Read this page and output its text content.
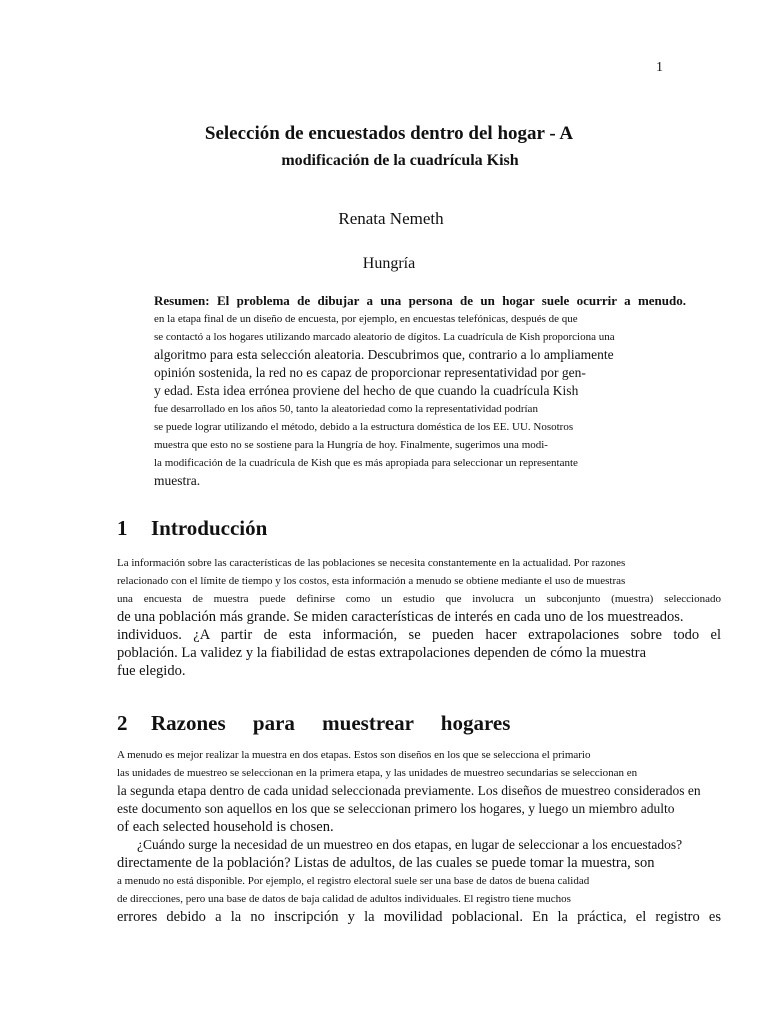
1
Selección de encuestados dentro del hogar - A
modificación de la cuadrícula Kish
Renata Nemeth
Hungría
Resumen: El problema de dibujar a una persona de un hogar suele ocurrir a menudo.
en la etapa final de un diseño de encuesta, por ejemplo, en encuestas telefónicas, después de que
se contactó a los hogares utilizando marcado aleatorio de dígitos. La cuadrícula de Kish proporciona una
algoritmo para esta selección aleatoria. Descubrimos que, contrario a lo ampliamente
opinión sostenida, la red no es capaz de proporcionar representatividad por gen-
y edad. Esta idea errónea proviene del hecho de que cuando la cuadrícula Kish
fue desarrollado en los años 50, tanto la aleatoriedad como la representatividad podrían
se puede lograr utilizando el método, debido a la estructura doméstica de los EE. UU. Nosotros
muestra que esto no se sostiene para la Hungría de hoy. Finalmente, sugerimos una modi-
la modificación de la cuadrícula de Kish que es más apropiada para seleccionar un representante
muestra.
1 Introducción
La información sobre las características de las poblaciones se necesita constantemente en la actualidad. Por razones
relacionado con el límite de tiempo y los costos, esta información a menudo se obtiene mediante el uso de muestras
una encuesta de muestra puede definirse como un estudio que involucra un subconjunto (muestra) seleccionado
de una población más grande. Se miden características de interés en cada uno de los muestreados.
individuos. ¿A partir de esta información, se pueden hacer extrapolaciones sobre todo el
población. La validez y la fiabilidad de estas extrapolaciones dependen de cómo la muestra
fue elegido.
2 Razones para muestrear hogares
A menudo es mejor realizar la muestra en dos etapas. Estos son diseños en los que se selecciona el primario
las unidades de muestreo se seleccionan en la primera etapa, y las unidades de muestreo secundarias se seleccionan en
la segunda etapa dentro de cada unidad seleccionada previamente. Los diseños de muestreo considerados en
este documento son aquellos en los que se seleccionan primero los hogares, y luego un miembro adulto
of each selected household is chosen.
¿Cuándo surge la necesidad de un muestreo en dos etapas, en lugar de seleccionar a los encuestados?
directamente de la población? Listas de adultos, de las cuales se puede tomar la muestra, son
a menudo no está disponible. Por ejemplo, el registro electoral suele ser una base de datos de buena calidad
de direcciones, pero una base de datos de baja calidad de adultos individuales. El registro tiene muchos
errores debido a la no inscripción y la movilidad poblacional. En la práctica, el registro es
